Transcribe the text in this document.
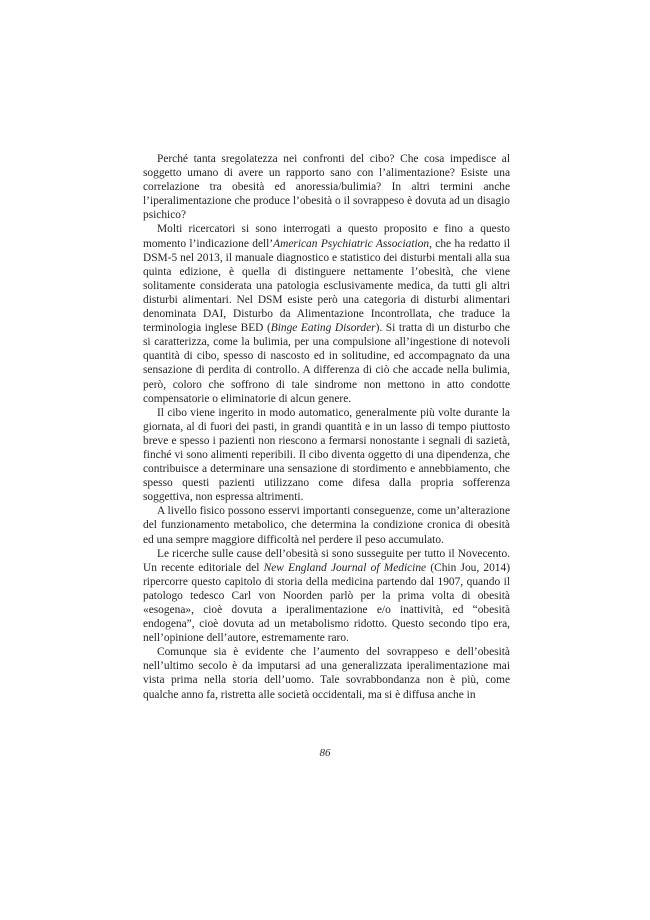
Perché tanta sregolatezza nei confronti del cibo? Che cosa impedisce al soggetto umano di avere un rapporto sano con l’alimentazione? Esiste una correlazione tra obesità ed anoressia/bulimia? In altri termini anche l’iperalimentazione che produce l’obesità o il sovrappeso è dovuta ad un disagio psichico?

Molti ricercatori si sono interrogati a questo proposito e fino a questo momento l’indicazione dell’American Psychiatric Association, che ha redatto il DSM-5 nel 2013, il manuale diagnostico e statistico dei disturbi mentali alla sua quinta edizione, è quella di distinguere nettamente l’obesità, che viene solitamente considerata una patologia esclusivamente medica, da tutti gli altri disturbi alimentari. Nel DSM esiste però una categoria di disturbi alimentari denominata DAI, Disturbo da Alimentazione Incontrollata, che traduce la terminologia inglese BED (Binge Eating Disorder). Si tratta di un disturbo che si caratterizza, come la bulimia, per una compulsione all’ingestione di notevoli quantità di cibo, spesso di nascosto ed in solitudine, ed accompagnato da una sensazione di perdita di controllo. A differenza di ciò che accade nella bulimia, però, coloro che soffrono di tale sindrome non mettono in atto condotte compensatorie o eliminatorie di alcun genere.

Il cibo viene ingerito in modo automatico, generalmente più volte durante la giornata, al di fuori dei pasti, in grandi quantità e in un lasso di tempo piuttosto breve e spesso i pazienti non riescono a fermarsi nonostante i segnali di sazietà, finché vi sono alimenti reperibili. Il cibo diventa oggetto di una dipendenza, che contribuisce a determinare una sensazione di stordimento e annebbiamento, che spesso questi pazienti utilizzano come difesa dalla propria sofferenza soggettiva, non espressa altrimenti.

A livello fisico possono esservi importanti conseguenze, come un’alterazione del funzionamento metabolico, che determina la condizione cronica di obesità ed una sempre maggiore difficoltà nel perdere il peso accumulato.

Le ricerche sulle cause dell’obesità si sono susseguite per tutto il Novecento. Un recente editoriale del New England Journal of Medicine (Chin Jou, 2014) ripercorre questo capitolo di storia della medicina partendo dal 1907, quando il patologo tedesco Carl von Noorden parlò per la prima volta di obesità «esogena», cioè dovuta a iperalimentazione e/o inattività, ed “obesità endogena”, cioè dovuta ad un metabolismo ridotto. Questo secondo tipo era, nell’opinione dell’autore, estremamente raro.

Comunque sia è evidente che l’aumento del sovrappeso e dell’obesità nell’ultimo secolo è da imputarsi ad una generalizzata iperalimentazione mai vista prima nella storia dell’uomo. Tale sovrabbondanza non è più, come qualche anno fa, ristretta alle società occidentali, ma si è diffusa anche in

86
